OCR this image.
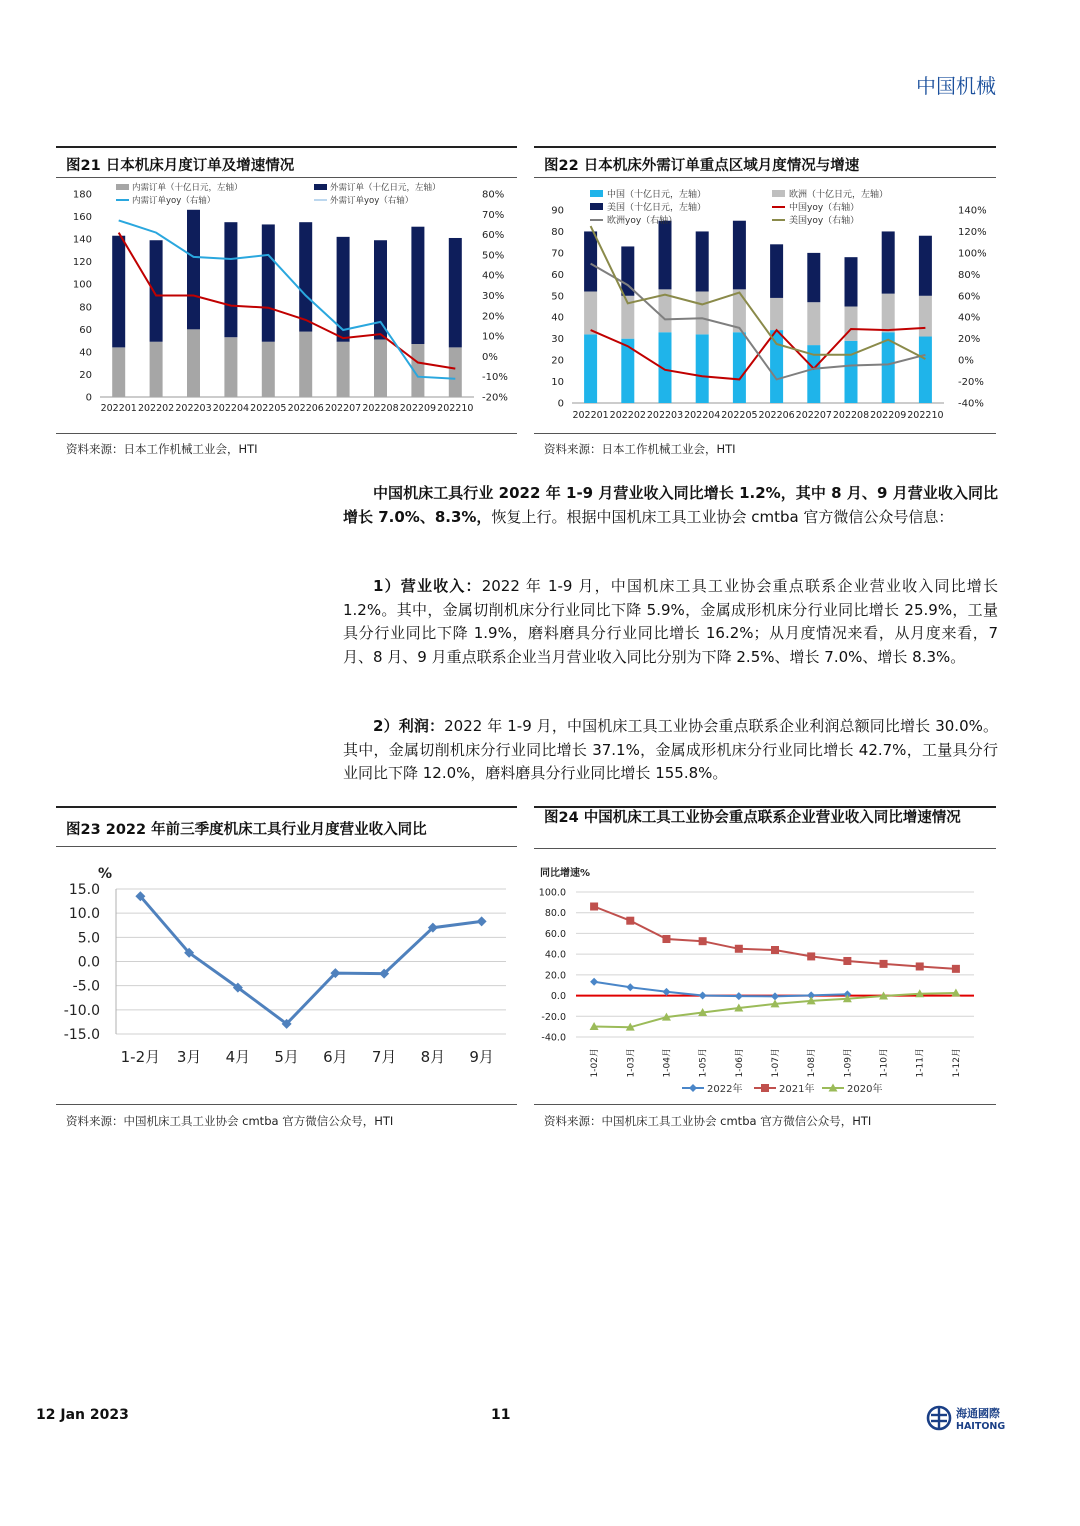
中国机械
图21 日本机床月度订单及增速情况
180
160
140
120
100
80
60
40
20
0
80%
70%
60%
50%
40%
30%
20%
10%
0%
-10%
-20%
202201 202202 202203 202204 202205 202206 202207 202208 202209 202210
内需订单（十亿日元，左轴）	外需订单（十亿日元，左轴）
内需订单yoy（右轴）	外需订单yoy（右轴）
资料来源：日本工作机械工业会，HTI
图22 日本机床外需订单重点区域月度情况与增速
90
80
70
60
50
40
30
20
10
0
140%
120%
100%
80%
60%
40%
20%
0%
-20%
-40%
202201 202202 202203 202204 202205 202206 202207 202208 202209 202210
中国（十亿日元，左轴）	欧洲（十亿日元，左轴）
美国（十亿日元，左轴）	中国yoy（右轴）
欧洲yoy（右轴）	美国yoy（右轴）
资料来源：日本工作机械工业会，HTI
中国机床工具行业 2022 年 1-9 月营业收入同比增长 1.2%，其中 8 月、9 月营业收入同比增长 7.0%、8.3%，恢复上行。根据中国机床工具工业协会 cmtba 官方微信公众号信息：
1）营业收入：2022 年 1-9 月，中国机床工具工业协会重点联系企业营业收入同比增长 1.2%。其中，金属切削机床分行业同比下降 5.9%，金属成形机床分行业同比增长 25.9%，工量具分行业同比下降 1.9%，磨料磨具分行业同比增长 16.2%；从月度情况来看，从月度来看，7 月、8 月、9 月重点联系企业当月营业收入同比分别为下降 2.5%、增长 7.0%、增长 8.3%。
2）利润：2022 年 1-9 月，中国机床工具工业协会重点联系企业利润总额同比增长 30.0%。其中，金属切削机床分行业同比增长 37.1%，金属成形机床分行业同比增长 42.7%，工量具分行业同比下降 12.0%，磨料磨具分行业同比增长 155.8%。
图23 2022 年前三季度机床工具行业月度营业收入同比
%
15.0
10.0
5.0
0.0
-5.0
-10.0
-15.0
1-2月 3月 4月 5月 6月 7月 8月 9月
资料来源：中国机床工具工业协会 cmtba 官方微信公众号，HTI
图24 中国机床工具工业协会重点联系企业营业收入同比增速情况
同比增速%
100.0
80.0
60.0
40.0
20.0
0.0
-20.0
-40.0
1-02月	1-03月	1-04月	1-05月	1-06月	1-07月	1-08月	1-09月	1-10月	1-11月	1-12月
2022年	2021年	2020年
资料来源：中国机床工具工业协会 cmtba 官方微信公众号，HTI
12 Jan 2023	11	海通國際
HAITONG
